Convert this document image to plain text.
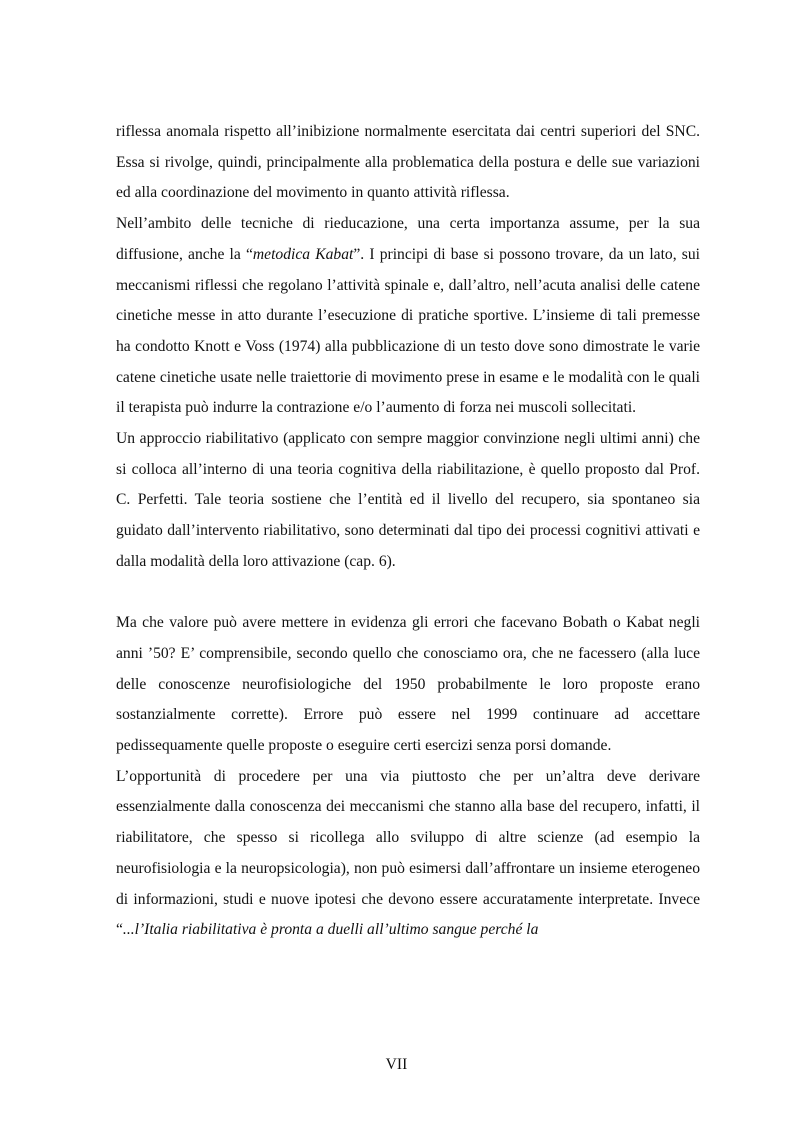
riflessa anomala rispetto all’inibizione normalmente esercitata dai centri superiori del SNC. Essa si rivolge, quindi, principalmente alla problematica della postura e delle sue variazioni ed alla coordinazione del movimento in quanto attività riflessa.

Nell’ambito delle tecniche di rieducazione, una certa importanza assume, per la sua diffusione, anche la “metodica Kabat”. I principi di base si possono trovare, da un lato, sui meccanismi riflessi che regolano l’attività spinale e, dall’altro, nell’acuta analisi delle catene cinetiche messe in atto durante l’esecuzione di pratiche sportive. L’insieme di tali premesse ha condotto Knott e Voss (1974) alla pubblicazione di un testo dove sono dimostrate le varie catene cinetiche usate nelle traiettorie di movimento prese in esame e le modalità con le quali il terapista può indurre la contrazione e/o l’aumento di forza nei muscoli sollecitati.

Un approccio riabilitativo (applicato con sempre maggior convinzione negli ultimi anni) che si colloca all’interno di una teoria cognitiva della riabilitazione, è quello proposto dal Prof. C. Perfetti. Tale teoria sostiene che l’entità ed il livello del recupero, sia spontaneo sia guidato dall’intervento riabilitativo, sono determinati dal tipo dei processi cognitivi attivati e dalla modalità della loro attivazione (cap. 6).

Ma che valore può avere mettere in evidenza gli errori che facevano Bobath o Kabat negli anni ’50? E’ comprensibile, secondo quello che conosciamo ora, che ne facessero (alla luce delle conoscenze neurofisiologiche del 1950 probabilmente le loro proposte erano sostanzialmente corrette). Errore può essere nel 1999 continuare ad accettare pedissequamente quelle proposte o eseguire certi esercizi senza porsi domande.

L’opportunità di procedere per una via piuttosto che per un’altra deve derivare essenzialmente dalla conoscenza dei meccanismi che stanno alla base del recupero, infatti, il riabilitatore, che spesso si ricollega allo sviluppo di altre scienze (ad esempio la neurofisiologia e la neuropsicologia), non può esimersi dall’affrontare un insieme eterogeneo di informazioni, studi e nuove ipotesi che devono essere accuratamente interpretate. Invece “...l’Italia riabilitativa è pronta a duelli all’ultimo sangue perché la

VII
